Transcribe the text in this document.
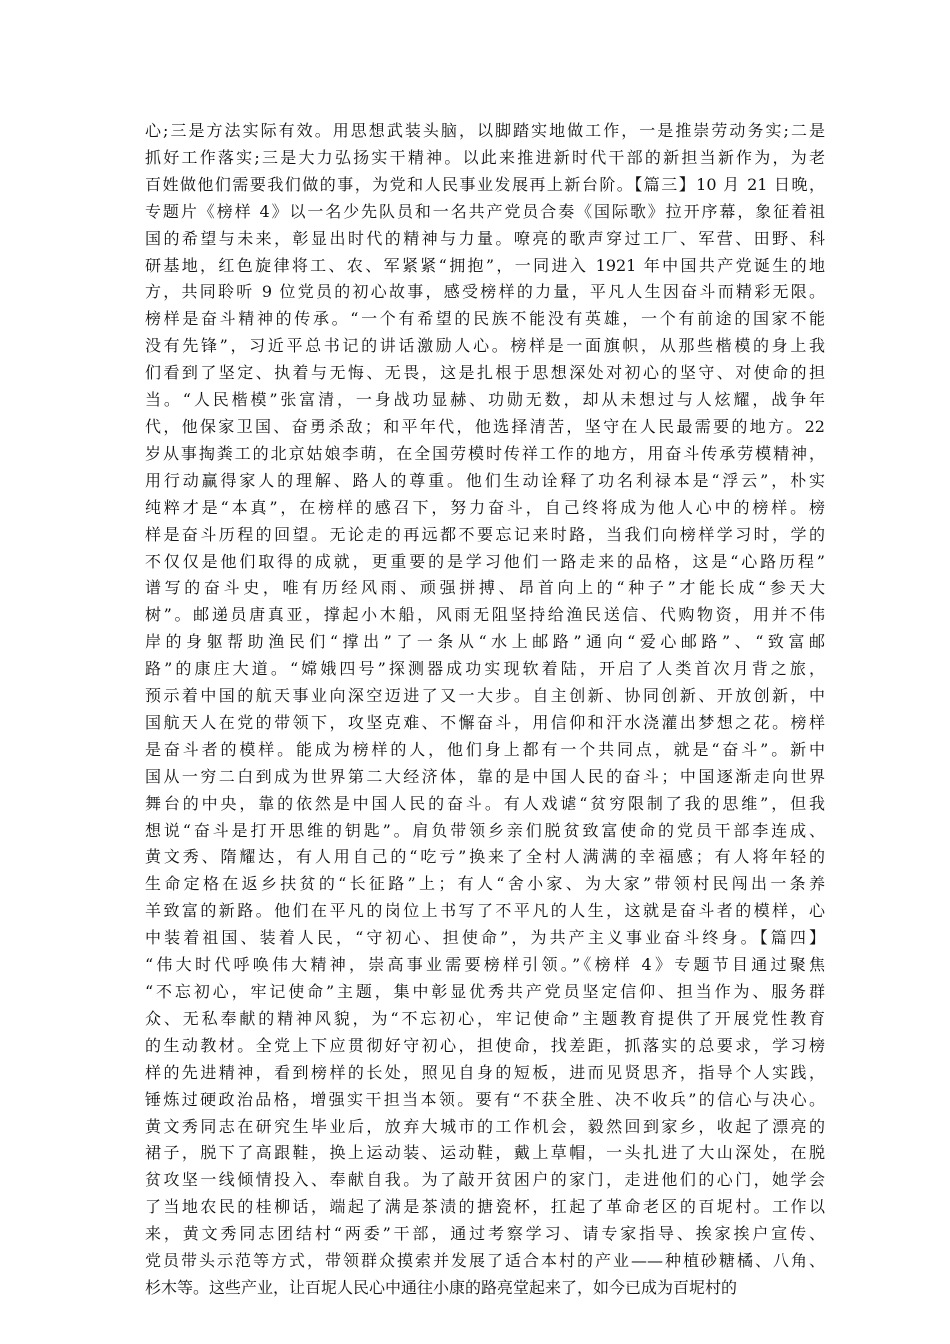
心;三是方法实际有效。用思想武装头脑，以脚踏实地做工作，一是推崇劳动务实;二是
抓好工作落实;三是大力弘扬实干精神。以此来推进新时代干部的新担当新作为，为老
百姓做他们需要我们做的事，为党和人民事业发展再上新台阶。【篇三】10 月 21 日晚，
专题片《榜样 4》以一名少先队员和一名共产党员合奏《国际歌》拉开序幕，象征着祖
国的希望与未来，彰显出时代的精神与力量。嘹亮的歌声穿过工厂、军营、田野、科
研基地，红色旋律将工、农、军紧紧“拥抱”，一同进入 1921 年中国共产党诞生的地
方，共同聆听 9 位党员的初心故事，感受榜样的力量，平凡人生因奋斗而精彩无限。
榜样是奋斗精神的传承。“一个有希望的民族不能没有英雄，一个有前途的国家不能
没有先锋”，习近平总书记的讲话激励人心。榜样是一面旗帜，从那些楷模的身上我
们看到了坚定、执着与无悔、无畏，这是扎根于思想深处对初心的坚守、对使命的担
当。“人民楷模”张富清，一身战功显赫、功勋无数，却从未想过与人炫耀，战争年
代，他保家卫国、奋勇杀敌；和平年代，他选择清苦，坚守在人民最需要的地方。22
岁从事掏粪工的北京姑娘李萌，在全国劳模时传祥工作的地方，用奋斗传承劳模精神，
用行动赢得家人的理解、路人的尊重。他们生动诠释了功名利禄本是“浮云”，朴实
纯粹才是“本真”，在榜样的感召下，努力奋斗，自己终将成为他人心中的榜样。榜
样是奋斗历程的回望。无论走的再远都不要忘记来时路，当我们向榜样学习时，学的
不仅仅是他们取得的成就，更重要的是学习他们一路走来的品格，这是“心路历程”
谱写的奋斗史，唯有历经风雨、顽强拼搏、昂首向上的“种子”才能长成“参天大
树”。邮递员唐真亚，撑起小木船，风雨无阻坚持给渔民送信、代购物资，用并不伟
岸的身躯帮助渔民们“撑出”了一条从“水上邮路”通向“爱心邮路”、“致富邮
路”的康庄大道。“嫦娥四号”探测器成功实现软着陆，开启了人类首次月背之旅，
预示着中国的航天事业向深空迈进了又一大步。自主创新、协同创新、开放创新，中
国航天人在党的带领下，攻坚克难、不懈奋斗，用信仰和汗水浇灌出梦想之花。榜样
是奋斗者的模样。能成为榜样的人，他们身上都有一个共同点，就是“奋斗”。新中
国从一穷二白到成为世界第二大经济体，靠的是中国人民的奋斗；中国逐渐走向世界
舞台的中央，靠的依然是中国人民的奋斗。有人戏谑“贫穷限制了我的思维”，但我
想说“奋斗是打开思维的钥匙”。肩负带领乡亲们脱贫致富使命的党员干部李连成、
黄文秀、隋耀达，有人用自己的“吃亏”换来了全村人满满的幸福感；有人将年轻的
生命定格在返乡扶贫的“长征路”上；有人“舍小家、为大家”带领村民闯出一条养
羊致富的新路。他们在平凡的岗位上书写了不平凡的人生，这就是奋斗者的模样，心
中装着祖国、装着人民，“守初心、担使命”，为共产主义事业奋斗终身。【篇四】
“伟大时代呼唤伟大精神，崇高事业需要榜样引领。”《榜样 4》专题节目通过聚焦
“不忘初心，牢记使命”主题，集中彰显优秀共产党员坚定信仰、担当作为、服务群
众、无私奉献的精神风貌，为“不忘初心，牢记使命”主题教育提供了开展党性教育
的生动教材。全党上下应贯彻好守初心，担使命，找差距，抓落实的总要求，学习榜
样的先进精神，看到榜样的长处，照见自身的短板，进而见贤思齐，指导个人实践，
锤炼过硬政治品格，增强实干担当本领。要有“不获全胜、决不收兵”的信心与决心。
黄文秀同志在研究生毕业后，放弃大城市的工作机会，毅然回到家乡，收起了漂亮的
裙子，脱下了高跟鞋，换上运动装、运动鞋，戴上草帽，一头扎进了大山深处，在脱
贫攻坚一线倾情投入、奉献自我。为了敲开贫困户的家门，走进他们的心门，她学会
了当地农民的桂柳话，端起了满是茶渍的搪瓷杯，扛起了革命老区的百坭村。工作以
来，黄文秀同志团结村“两委”干部，通过考察学习、请专家指导、挨家挨户宣传、
党员带头示范等方式，带领群众摸索并发展了适合本村的产业——种植砂糖橘、八角、
杉木等。这些产业，让百坭人民心中通往小康的路亮堂起来了，如今已成为百坭村的
